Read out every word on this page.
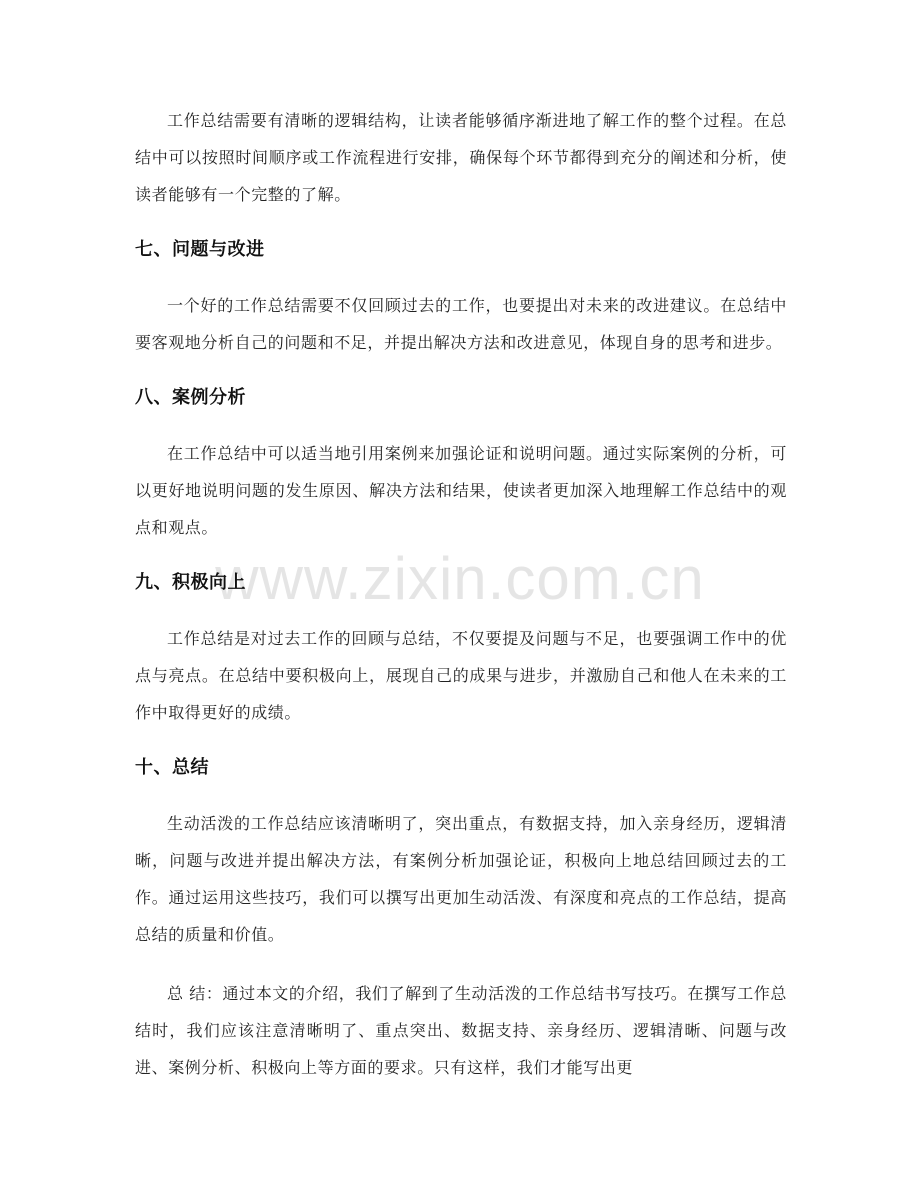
www.zixin.com.cn

工作总结需要有清晰的逻辑结构，让读者能够循序渐进地了解工作的整个过程。在总结中可以按照时间顺序或工作流程进行安排，确保每个环节都得到充分的阐述和分析，使读者能够有一个完整的了解。

七、问题与改进

一个好的工作总结需要不仅回顾过去的工作，也要提出对未来的改进建议。在总结中要客观地分析自己的问题和不足，并提出解决方法和改进意见，体现自身的思考和进步。

八、案例分析

在工作总结中可以适当地引用案例来加强论证和说明问题。通过实际案例的分析，可以更好地说明问题的发生原因、解决方法和结果，使读者更加深入地理解工作总结中的观点和观点。

九、积极向上

工作总结是对过去工作的回顾与总结，不仅要提及问题与不足，也要强调工作中的优点与亮点。在总结中要积极向上，展现自己的成果与进步，并激励自己和他人在未来的工作中取得更好的成绩。

十、总结

生动活泼的工作总结应该清晰明了，突出重点，有数据支持，加入亲身经历，逻辑清晰，问题与改进并提出解决方法，有案例分析加强论证，积极向上地总结回顾过去的工作。通过运用这些技巧，我们可以撰写出更加生动活泼、有深度和亮点的工作总结，提高总结的质量和价值。

总 结：通过本文的介绍，我们了解到了生动活泼的工作总结书写技巧。在撰写工作总结时，我们应该注意清晰明了、重点突出、数据支持、亲身经历、逻辑清晰、问题与改进、案例分析、积极向上等方面的要求。只有这样，我们才能写出更
